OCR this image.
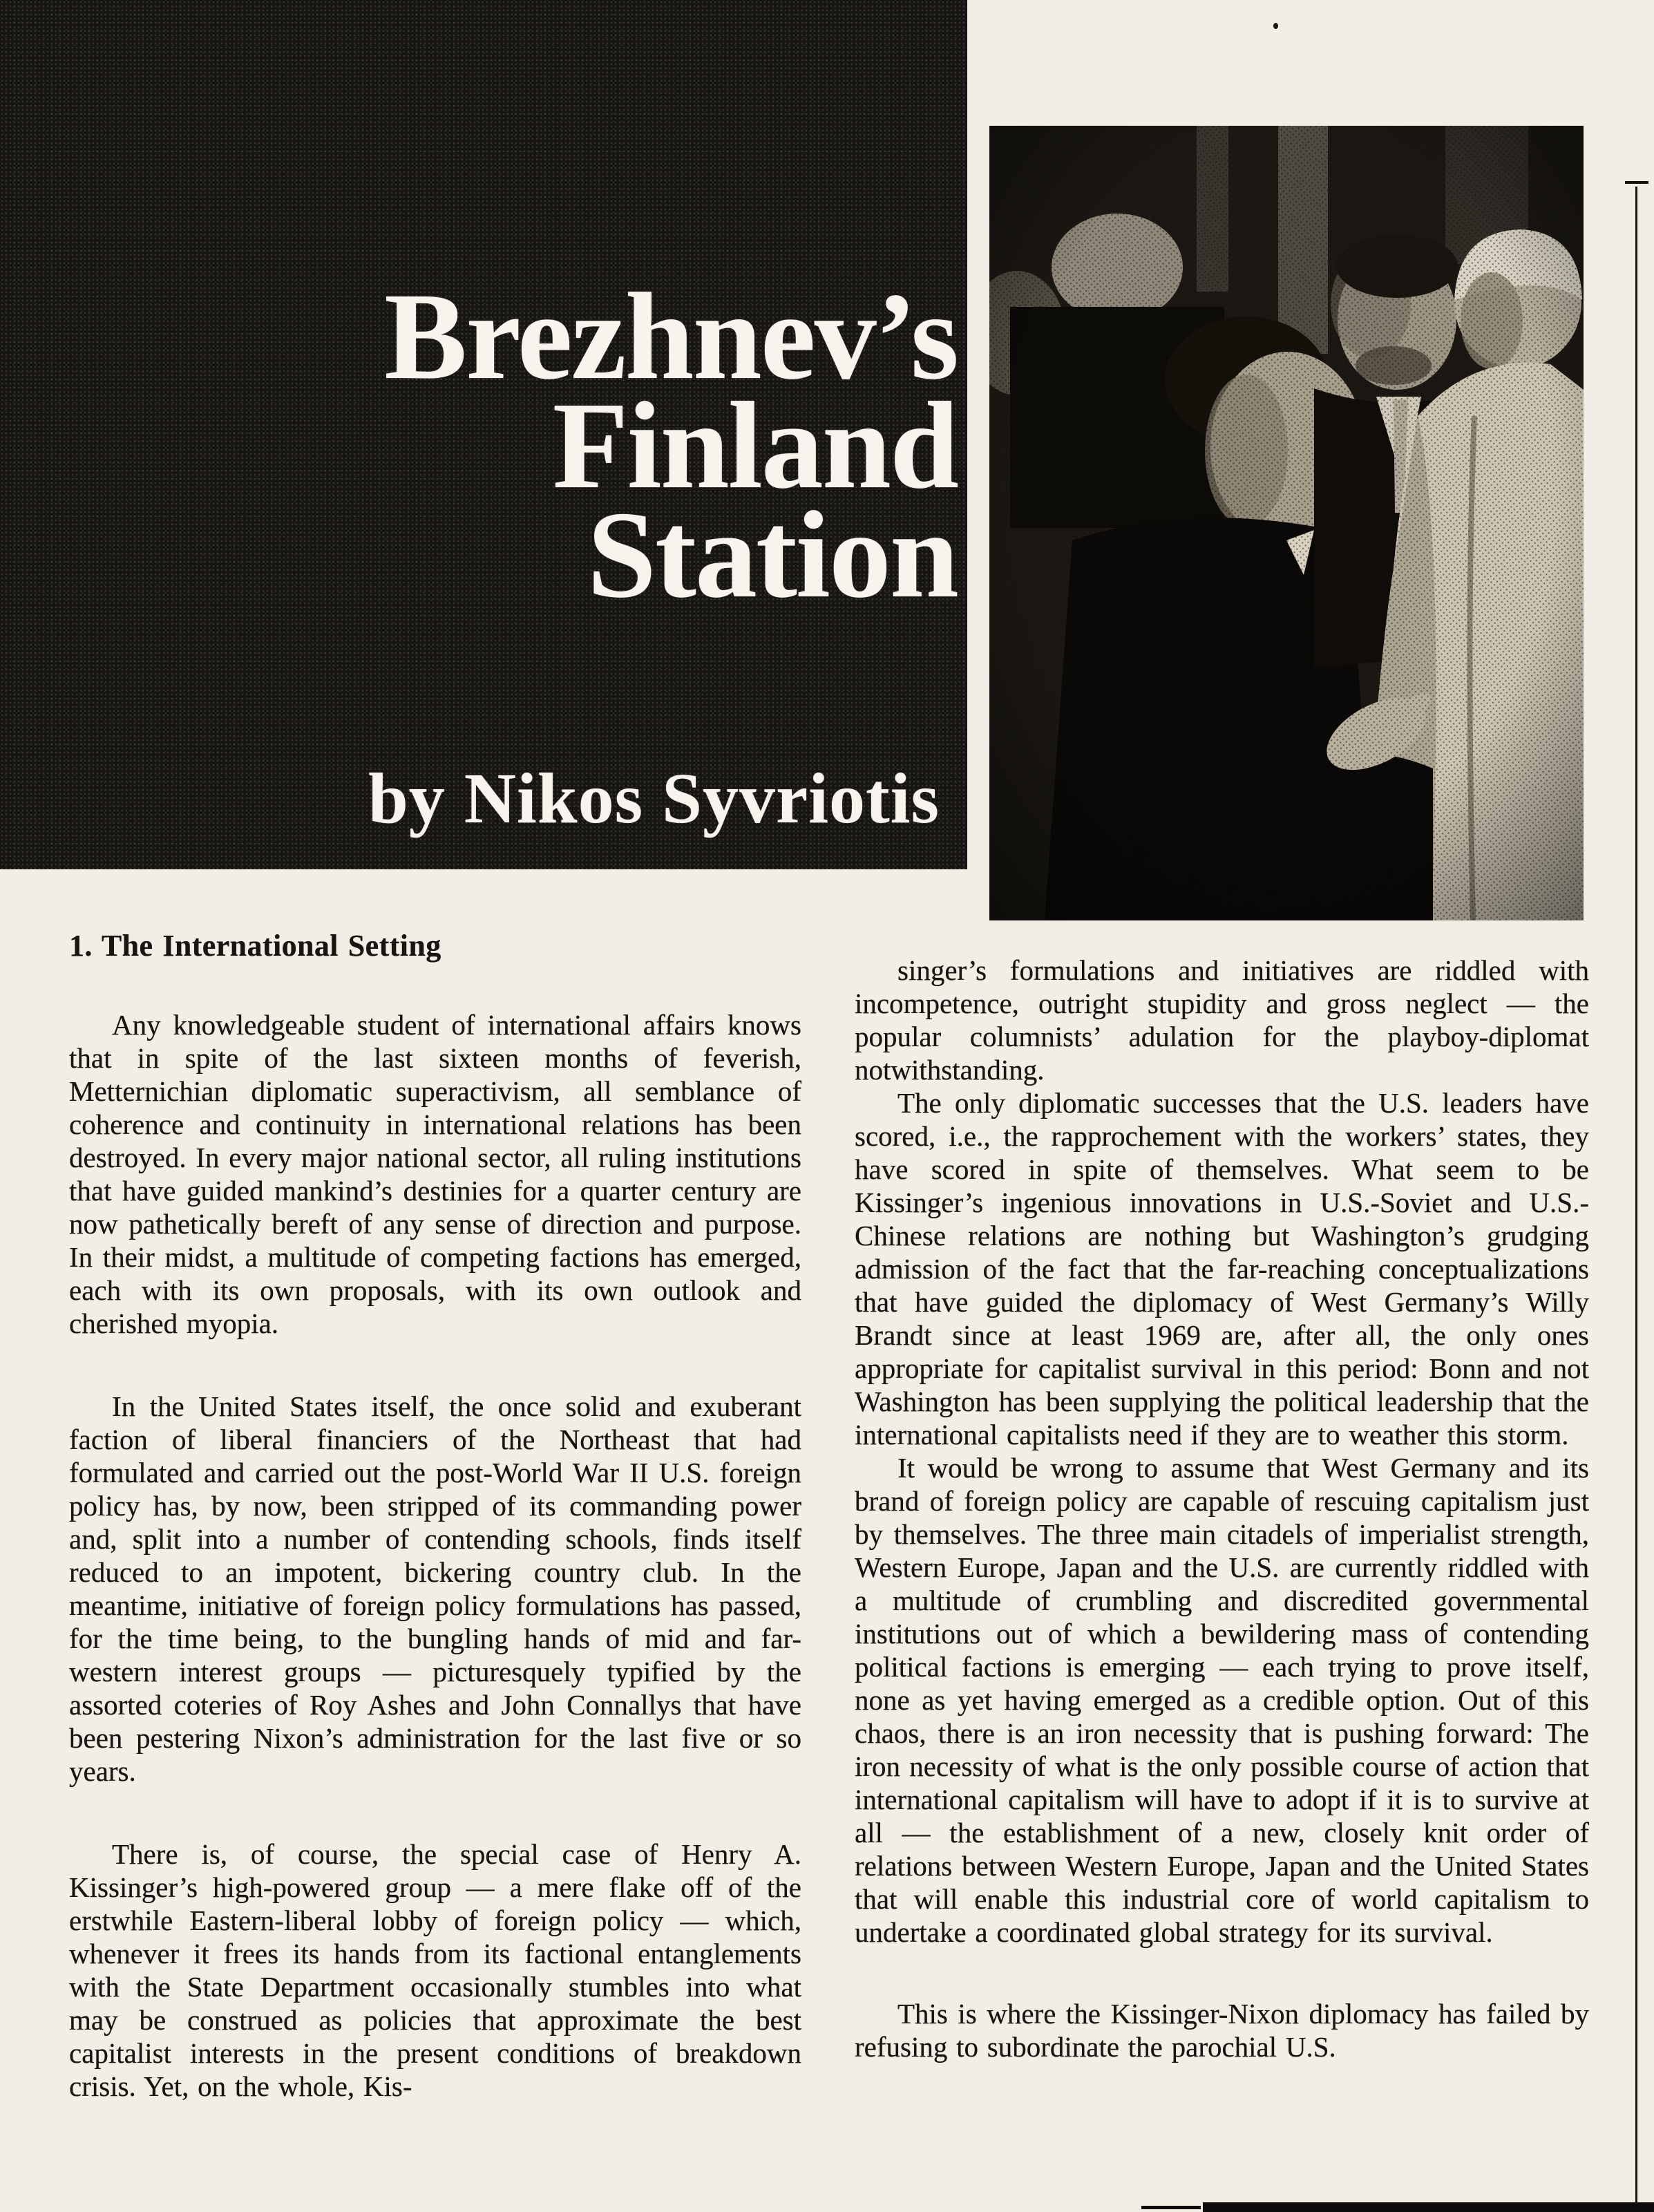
Brezhnev’s
Finland
Station
by Nikos Syvriotis
1. The International Setting

Any knowledgeable student of international affairs knows that in spite of the last sixteen months of feverish, Metternichian diplomatic superactivism, all semblance of coherence and continuity in international relations has been destroyed. In every major national sector, all ruling institutions that have guided mankind’s destinies for a quarter century are now pathetically bereft of any sense of direction and purpose. In their midst, a multitude of competing factions has emerged, each with its own proposals, with its own outlook and cherished myopia.

In the United States itself, the once solid and exuberant faction of liberal financiers of the Northeast that had formulated and carried out the post-World War II U.S. foreign policy has, by now, been stripped of its commanding power and, split into a number of contending schools, finds itself reduced to an impotent, bickering country club. In the meantime, initiative of foreign policy formulations has passed, for the time being, to the bungling hands of mid and far-western interest groups — picturesquely typified by the assorted coteries of Roy Ashes and John Connallys that have been pestering Nixon’s administration for the last five or so years.

There is, of course, the special case of Henry A. Kissinger’s high-powered group — a mere flake off of the erstwhile Eastern-liberal lobby of foreign policy — which, whenever it frees its hands from its factional entanglements with the State Department occasionally stumbles into what may be construed as policies that approximate the best capitalist interests in the present conditions of breakdown crisis. Yet, on the whole, Kis-

singer’s formulations and initiatives are riddled with incompetence, outright stupidity and gross neglect — the popular columnists’ adulation for the playboy-diplomat notwithstanding.

The only diplomatic successes that the U.S. leaders have scored, i.e., the rapprochement with the workers’ states, they have scored in spite of themselves. What seem to be Kissinger’s ingenious innovations in U.S.-Soviet and U.S.-Chinese relations are nothing but Washington’s grudging admission of the fact that the far-reaching conceptualizations that have guided the diplomacy of West Germany’s Willy Brandt since at least 1969 are, after all, the only ones appropriate for capitalist survival in this period: Bonn and not Washington has been supplying the political leadership that the international capitalists need if they are to weather this storm.

It would be wrong to assume that West Germany and its brand of foreign policy are capable of rescuing capitalism just by themselves. The three main citadels of imperialist strength, Western Europe, Japan and the U.S. are currently riddled with a multitude of crumbling and discredited governmental institutions out of which a bewildering mass of contending political factions is emerging — each trying to prove itself, none as yet having emerged as a credible option. Out of this chaos, there is an iron necessity that is pushing forward: The iron necessity of what is the only possible course of action that international capitalism will have to adopt if it is to survive at all — the establishment of a new, closely knit order of relations between Western Europe, Japan and the United States that will enable this industrial core of world capitalism to undertake a coordinated global strategy for its survival.

This is where the Kissinger-Nixon diplomacy has failed by refusing to subordinate the parochial U.S.
